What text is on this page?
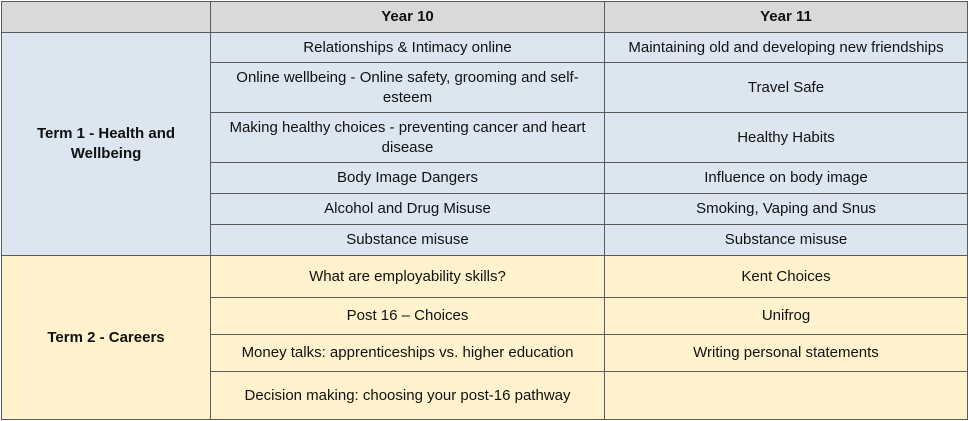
	Year 10	Year 11
Term 1 - Health and Wellbeing	Relationships & Intimacy online	Maintaining old and developing new friendships
	Online wellbeing - Online safety, grooming and self-esteem	Travel Safe
	Making healthy choices - preventing cancer and heart disease	Healthy Habits
	Body Image Dangers	Influence on body image
	Alcohol and Drug Misuse	Smoking, Vaping and Snus
	Substance misuse	Substance misuse
Term 2 - Careers	What are employability skills?	Kent Choices
	Post 16 – Choices	Unifrog
	Money talks: apprenticeships vs. higher education	Writing personal statements
	Decision making: choosing your post-16 pathway	
